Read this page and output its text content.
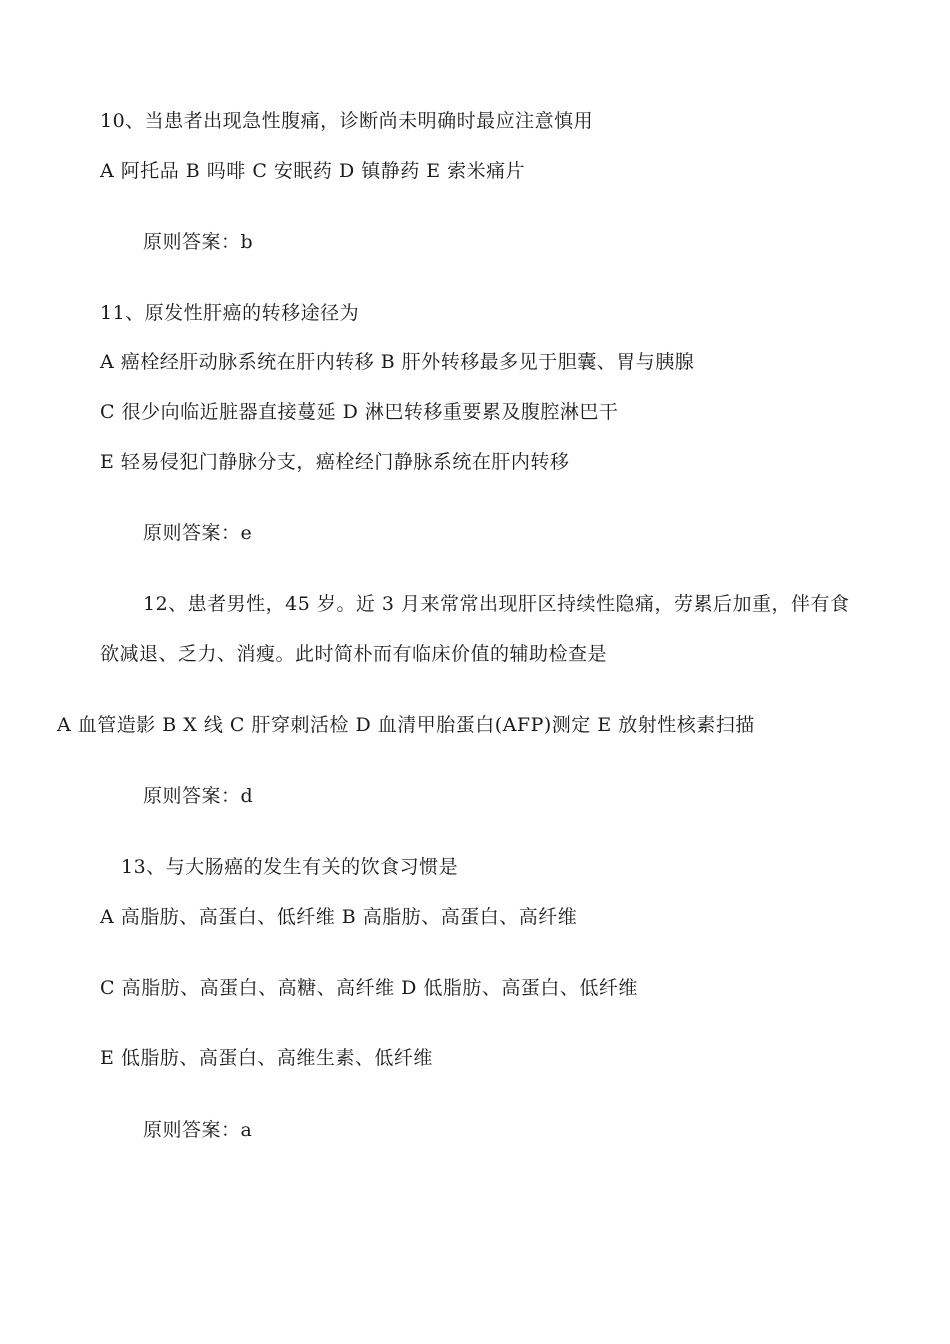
10、当患者出现急性腹痛，诊断尚未明确时最应注意慎用
A 阿托品 B 吗啡 C 安眠药 D 镇静药 E 索米痛片
原则答案：b
11、原发性肝癌的转移途径为
A 癌栓经肝动脉系统在肝内转移 B 肝外转移最多见于胆囊、胃与胰腺
C 很少向临近脏器直接蔓延 D 淋巴转移重要累及腹腔淋巴干
E 轻易侵犯门静脉分支，癌栓经门静脉系统在肝内转移
原则答案：e
12、患者男性，45 岁。近 3 月来常常出现肝区持续性隐痛，劳累后加重，伴有食
欲减退、乏力、消瘦。此时简朴而有临床价值的辅助检查是
A 血管造影 B X 线 C 肝穿刺活检 D 血清甲胎蛋白(AFP)测定 E 放射性核素扫描
原则答案：d
13、与大肠癌的发生有关的饮食习惯是
A 高脂肪、高蛋白、低纤维 B 高脂肪、高蛋白、高纤维
C 高脂肪、高蛋白、高糖、高纤维 D 低脂肪、高蛋白、低纤维
E 低脂肪、高蛋白、高维生素、低纤维
原则答案：a
